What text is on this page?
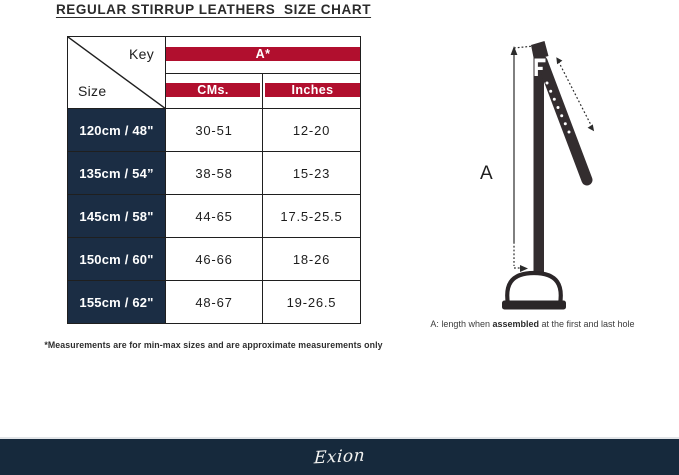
REGULAR STIRRUP LEATHERS  SIZE CHART
Key
Size	A*	

CMs.	Inches

120cm / 48"	30-51	12-20
135cm / 54”	38-58	15-23
145cm / 58"	44-65	17.5-25.5
150cm / 60"	46-66	18-26
155cm / 62"	48-67	19-26.5
*Measurements are for min-max sizes and are approximate measurements only
A
A: length when assembled at the first and last hole
Exion
